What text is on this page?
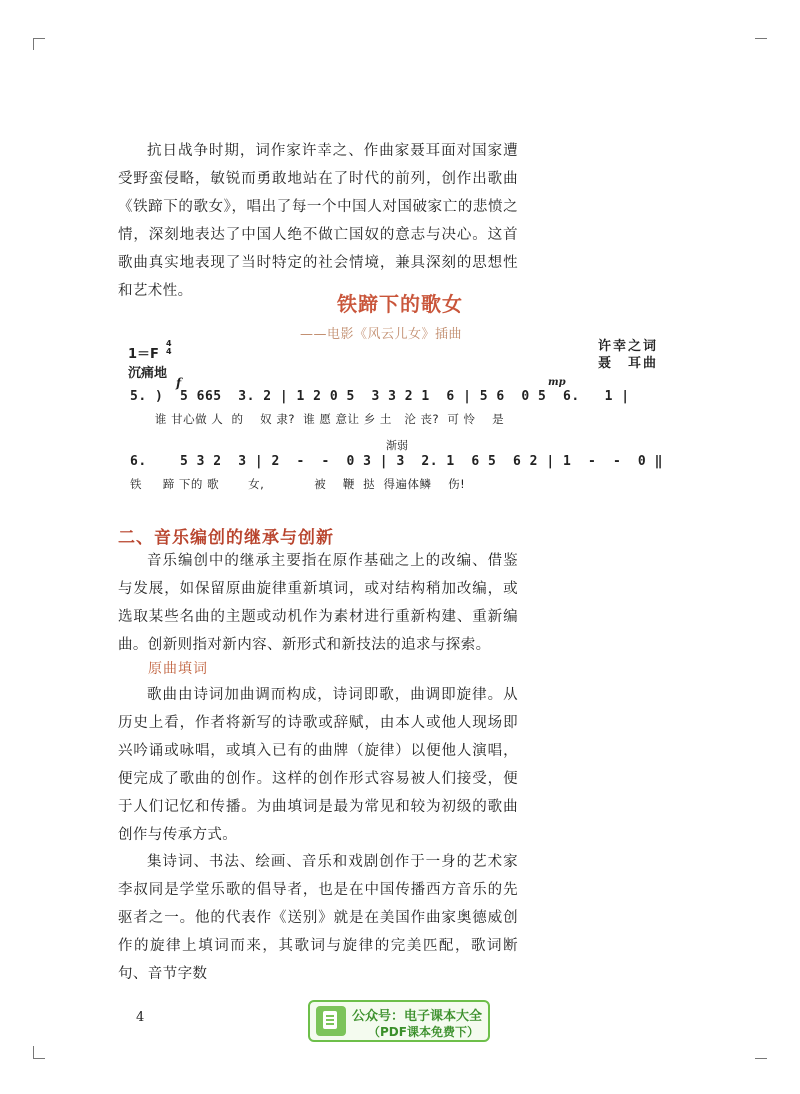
抗日战争时期，词作家许幸之、作曲家聂耳面对国家遭受野蛮侵略，敏锐而勇敢地站在了时代的前列，创作出歌曲《铁蹄下的歌女》，唱出了每一个中国人对国破家亡的悲愤之情，深刻地表达了中国人绝不做亡国奴的意志与决心。这首歌曲真实地表现了当时特定的社会情境，兼具深刻的思想性和艺术性。

铁蹄下的歌女
——电影《风云儿女》插曲
许幸之词
聂　耳曲
1＝F
4
4
沉痛地
f	mp
5. )  5 665  3. 2 | 1 2 0 5  3 3 2 1  6 | 5 6  0 5  6.   1 |
谁 甘心做 人  的    奴 隶?  谁 愿 意让 乡 土   沦 丧?  可 怜    是
渐弱
6.    5 3 2  3 | 2  -  -  0 3 | 3  2. 1  6 5  6 2 | 1  -  -  0 ‖
铁     蹄 下的 歌       女,            被    鞭  挞  得遍体鳞    伤!
二、音乐编创的继承与创新

音乐编创中的继承主要指在原作基础之上的改编、借鉴与发展，如保留原曲旋律重新填词，或对结构稍加改编，或选取某些名曲的主题或动机作为素材进行重新构建、重新编曲。创新则指对新内容、新形式和新技法的追求与探索。

原曲填词

歌曲由诗词加曲调而构成，诗词即歌，曲调即旋律。从历史上看，作者将新写的诗歌或辞赋，由本人或他人现场即兴吟诵或咏唱，或填入已有的曲牌（旋律）以便他人演唱，便完成了歌曲的创作。这样的创作形式容易被人们接受，便于人们记忆和传播。为曲填词是最为常见和较为初级的歌曲创作与传承方式。

集诗词、书法、绘画、音乐和戏剧创作于一身的艺术家李叔同是学堂乐歌的倡导者，也是在中国传播西方音乐的先驱者之一。他的代表作《送别》就是在美国作曲家奥德威创作的旋律上填词而来，其歌词与旋律的完美匹配，歌词断句、音节字数

4	公众号：电子课本大全
（PDF课本免费下）
